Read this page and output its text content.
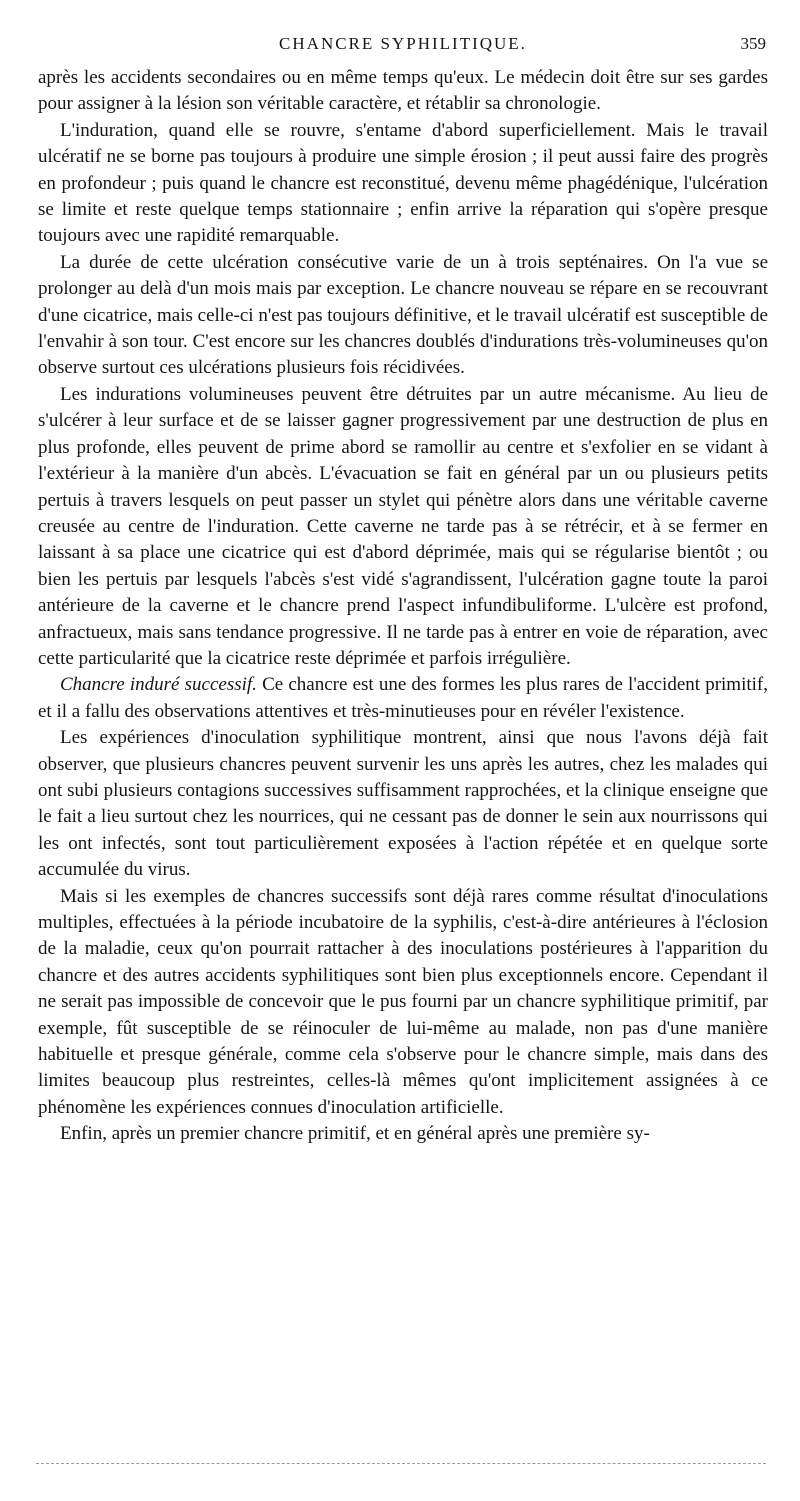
CHANCRE SYPHILITIQUE.	359

après les accidents secondaires ou en même temps qu'eux. Le médecin doit être sur ses gardes pour assigner à la lésion son véritable caractère, et rétablir sa chronologie.

L'induration, quand elle se rouvre, s'entame d'abord superficiellement. Mais le travail ulcératif ne se borne pas toujours à produire une simple érosion ; il peut aussi faire des progrès en profondeur ; puis quand le chancre est reconstitué, devenu même phagédénique, l'ulcération se limite et reste quelque temps stationnaire ; enfin arrive la réparation qui s'opère presque toujours avec une rapidité remarquable.

La durée de cette ulcération consécutive varie de un à trois septénaires. On l'a vue se prolonger au delà d'un mois mais par exception. Le chancre nouveau se répare en se recouvrant d'une cicatrice, mais celle-ci n'est pas toujours définitive, et le travail ulcératif est susceptible de l'envahir à son tour. C'est encore sur les chancres doublés d'indurations très-volumineuses qu'on observe surtout ces ulcérations plusieurs fois récidivées.

Les indurations volumineuses peuvent être détruites par un autre mécanisme. Au lieu de s'ulcérer à leur surface et de se laisser gagner progressivement par une destruction de plus en plus profonde, elles peuvent de prime abord se ramollir au centre et s'exfolier en se vidant à l'extérieur à la manière d'un abcès. L'évacuation se fait en général par un ou plusieurs petits pertuis à travers lesquels on peut passer un stylet qui pénètre alors dans une véritable caverne creusée au centre de l'induration. Cette caverne ne tarde pas à se rétrécir, et à se fermer en laissant à sa place une cicatrice qui est d'abord déprimée, mais qui se régularise bientôt ; ou bien les pertuis par lesquels l'abcès s'est vidé s'agrandissent, l'ulcération gagne toute la paroi antérieure de la caverne et le chancre prend l'aspect infundibuliforme. L'ulcère est profond, anfractueux, mais sans tendance progressive. Il ne tarde pas à entrer en voie de réparation, avec cette particularité que la cicatrice reste déprimée et parfois irrégulière.

Chancre induré successif. Ce chancre est une des formes les plus rares de l'accident primitif, et il a fallu des observations attentives et très-minutieuses pour en révéler l'existence.

Les expériences d'inoculation syphilitique montrent, ainsi que nous l'avons déjà fait observer, que plusieurs chancres peuvent survenir les uns après les autres, chez les malades qui ont subi plusieurs contagions successives suffisamment rapprochées, et la clinique enseigne que le fait a lieu surtout chez les nourrices, qui ne cessant pas de donner le sein aux nourrissons qui les ont infectés, sont tout particulièrement exposées à l'action répétée et en quelque sorte accumulée du virus.

Mais si les exemples de chancres successifs sont déjà rares comme résultat d'inoculations multiples, effectuées à la période incubatoire de la syphilis, c'est-à-dire antérieures à l'éclosion de la maladie, ceux qu'on pourrait rattacher à des inoculations postérieures à l'apparition du chancre et des autres accidents syphilitiques sont bien plus exceptionnels encore. Cependant il ne serait pas impossible de concevoir que le pus fourni par un chancre syphilitique primitif, par exemple, fût susceptible de se réinoculer de lui-même au malade, non pas d'une manière habituelle et presque générale, comme cela s'observe pour le chancre simple, mais dans des limites beaucoup plus restreintes, celles-là mêmes qu'ont implicitement assignées à ce phénomène les expériences connues d'inoculation artificielle.

Enfin, après un premier chancre primitif, et en général après une première sy-
